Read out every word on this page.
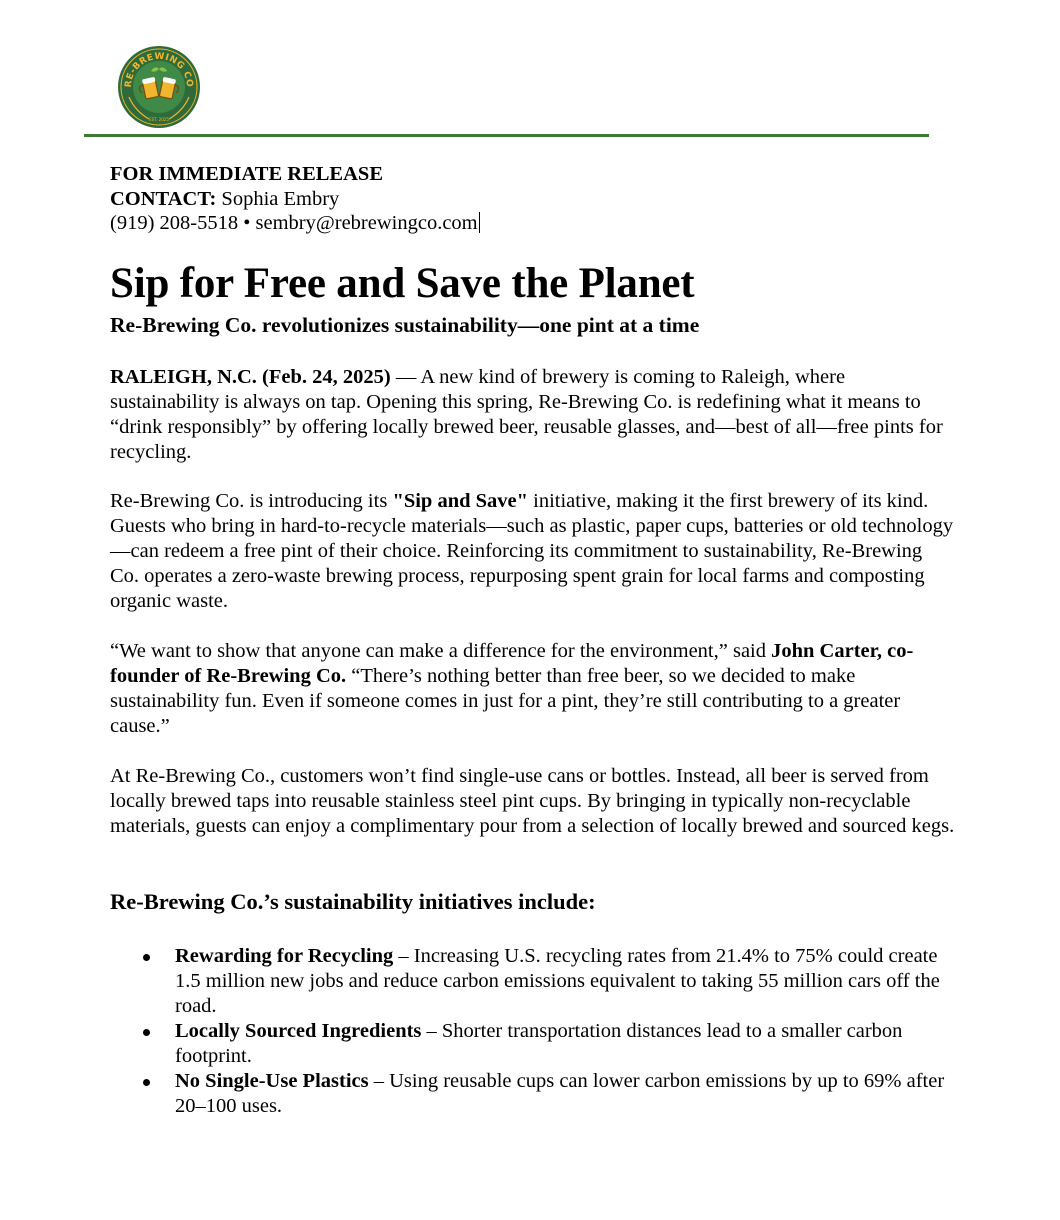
RE-BREWING CO
EST. 2025
FOR IMMEDIATE RELEASE
CONTACT: Sophia Embry
(919) 208-5518 • sembry@rebrewingco.com
Sip for Free and Save the Planet
Re-Brewing Co. revolutionizes sustainability—one pint at a time

RALEIGH, N.C. (Feb. 24, 2025) — A new kind of brewery is coming to Raleigh, where sustainability is always on tap. Opening this spring, Re-Brewing Co. is redefining what it means to “drink responsibly” by offering locally brewed beer, reusable glasses, and—best of all—free pints for recycling.

Re-Brewing Co. is introducing its "Sip and Save" initiative, making it the first brewery of its kind. Guests who bring in hard-to-recycle materials—such as plastic, paper cups, batteries or old technology—can redeem a free pint of their choice. Reinforcing its commitment to sustainability, Re-Brewing Co. operates a zero-waste brewing process, repurposing spent grain for local farms and composting organic waste.

“We want to show that anyone can make a difference for the environment,” said John Carter, co-founder of Re-Brewing Co. “There’s nothing better than free beer, so we decided to make sustainability fun. Even if someone comes in just for a pint, they’re still contributing to a greater cause.”

At Re-Brewing Co., customers won’t find single-use cans or bottles. Instead, all beer is served from locally brewed taps into reusable stainless steel pint cups. By bringing in typically non-recyclable materials, guests can enjoy a complimentary pour from a selection of locally brewed and sourced kegs.

Re-Brewing Co.’s sustainability initiatives include:
Rewarding for Recycling – Increasing U.S. recycling rates from 21.4% to 75% could create 1.5 million new jobs and reduce carbon emissions equivalent to taking 55 million cars off the road.
Locally Sourced Ingredients – Shorter transportation distances lead to a smaller carbon footprint.
No Single-Use Plastics – Using reusable cups can lower carbon emissions by up to 69% after 20–100 uses.
